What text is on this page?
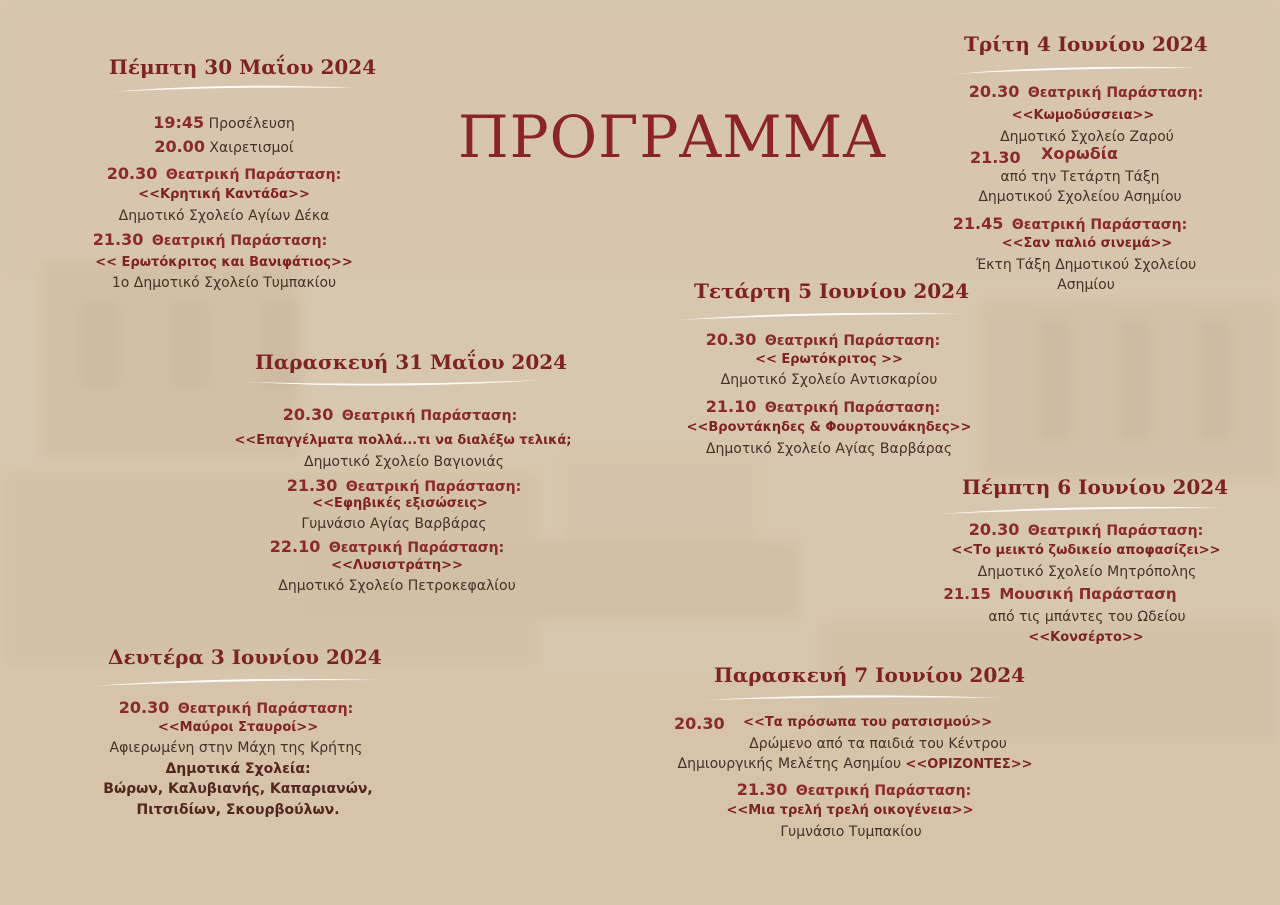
ΠΡΟΓΡΑΜΜΑ
Πέμπτη 30 Μαΐου 2024
19:45 Προσέλευση
20.00 Χαιρετισμοί
20.30 Θεατρική Παράσταση:
<<Κρητική Καντάδα>>
Δημοτικό Σχολείο Αγίων Δέκα
21.30 Θεατρική Παράσταση:
<< Ερωτόκριτος και Βανιφάτιος>>
1ο Δημοτικό Σχολείο Τυμπακίου
Παρασκευή 31 Μαΐου 2024
20.30 Θεατρική Παράσταση:
<<Επαγγέλματα πολλά...τι να διαλέξω τελικά;
Δημοτικό Σχολείο Βαγιονιάς
21.30 Θεατρική Παράσταση:
<<Εφηβικές εξισώσεις>
Γυμνάσιο Αγίας Βαρβάρας
22.10 Θεατρική Παράσταση:
<<Λυσιστράτη>>
Δημοτικό Σχολείο Πετροκεφαλίου
Δευτέρα 3 Ιουνίου 2024
20.30 Θεατρική Παράσταση:
<<Μαύροι Σταυροί>>
Αφιερωμένη στην Μάχη της Κρήτης
Δημοτικά Σχολεία:
Βώρων, Καλυβιανής, Καπαριανών,
Πιτσιδίων, Σκουρβούλων.
Τρίτη 4 Ιουνίου 2024
20.30 Θεατρική Παράσταση:
<<Κωμοδύσσεια>>
Δημοτικό Σχολείο Ζαρού
21.30 Χορωδία
από την Τετάρτη Τάξη
Δημοτικού Σχολείου Ασημίου
21.45 Θεατρική Παράσταση:
<<Σαν παλιό σινεμά>>
Έκτη Τάξη Δημοτικού Σχολείου
Ασημίου
Τετάρτη 5 Ιουνίου 2024
20.30 Θεατρική Παράσταση:
<< Ερωτόκριτος >>
Δημοτικό Σχολείο Αντισκαρίου
21.10 Θεατρική Παράσταση:
<<Βροντάκηδες & Φουρτουνάκηδες>>
Δημοτικό Σχολείο Αγίας Βαρβάρας
Πέμπτη 6 Ιουνίου 2024
20.30 Θεατρική Παράσταση:
<<Το μεικτό ζωδικείο αποφασίζει>>
Δημοτικό Σχολείο Μητρόπολης
21.15 Μουσική Παράσταση
από τις μπάντες του Ωδείου
<<Κονσέρτο>>
Παρασκευή 7 Ιουνίου 2024
20.30 <<Τα πρόσωπα του ρατσισμού>>
Δρώμενο από τα παιδιά του Κέντρου
Δημιουργικής Μελέτης Ασημίου <<ΟΡΙΖΟΝΤΕΣ>>
21.30 Θεατρική Παράσταση:
<<Μια τρελή τρελή οικογένεια>>
Γυμνάσιο Τυμπακίου
